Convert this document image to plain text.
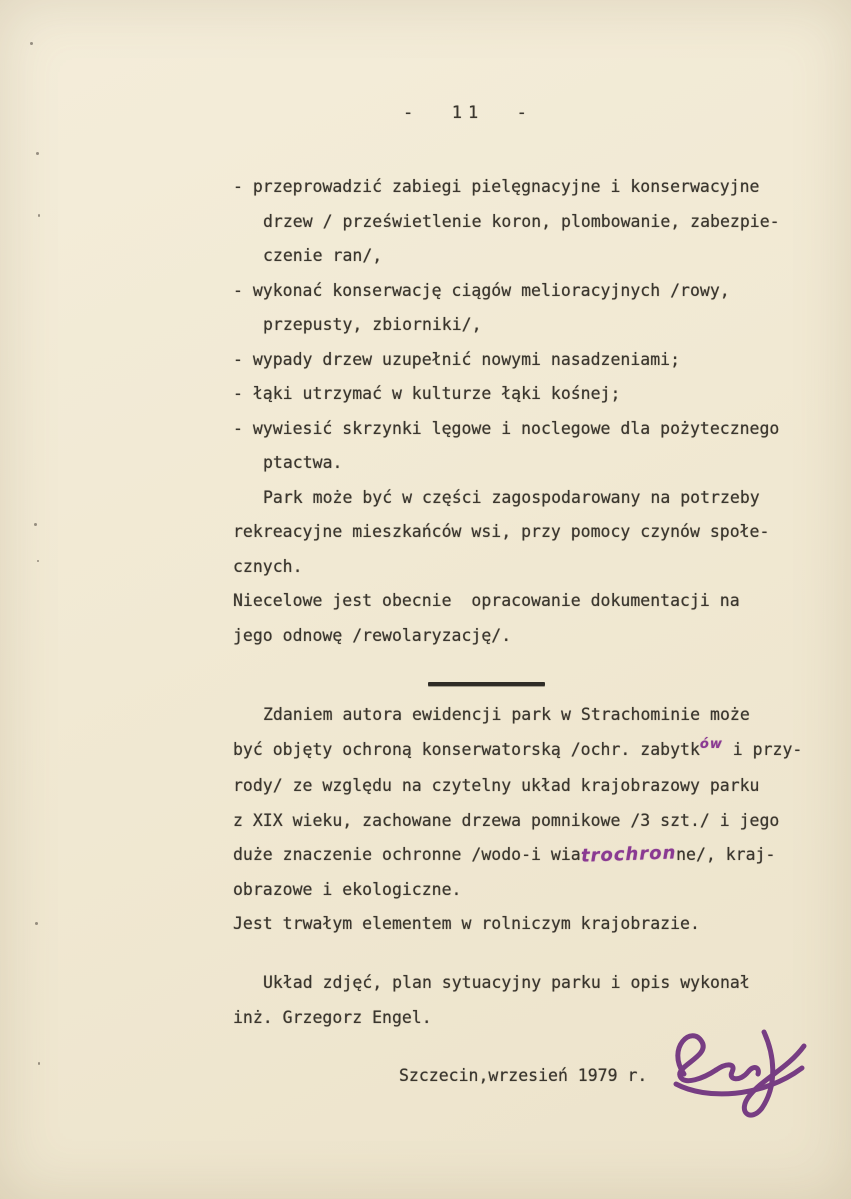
-  11  -
- przeprowadzić zabiegi pielęgnacyjne i konserwacyjne
drzew / prześwietlenie koron, plombowanie, zabezpie-
czenie ran/,
- wykonać konserwację ciągów melioracyjnych /rowy,
przepusty, zbiorniki/,
- wypady drzew uzupełnić nowymi nasadzeniami;
- łąki utrzymać w kulturze łąki kośnej;
- wywiesić skrzynki lęgowe i noclegowe dla pożytecznego
ptactwa.
Park może być w części zagospodarowany na potrzeby
rekreacyjne mieszkańców wsi, przy pomocy czynów społe-
cznych.
Niecelowe jest obecnie  opracowanie dokumentacji na
jego odnowę /rewolaryzację/.
Zdaniem autora ewidencji park w Strachominie może
być objęty ochroną konserwatorską /ochr. zabytk$^{ów}$ i przy-
rody/ ze względu na czytelny układ krajobrazowy parku
z XIX wieku, zachowane drzewa pomnikowe /3 szt./ i jego
duże znaczenie ochronne /wodo-i wiatrochronne/, kraj-
obrazowe i ekologiczne.
Jest trwałym elementem w rolniczym krajobrazie.
Układ zdjęć, plan sytuacyjny parku i opis wykonał
inż. Grzegorz Engel.
Szczecin,wrzesień 1979 r.
